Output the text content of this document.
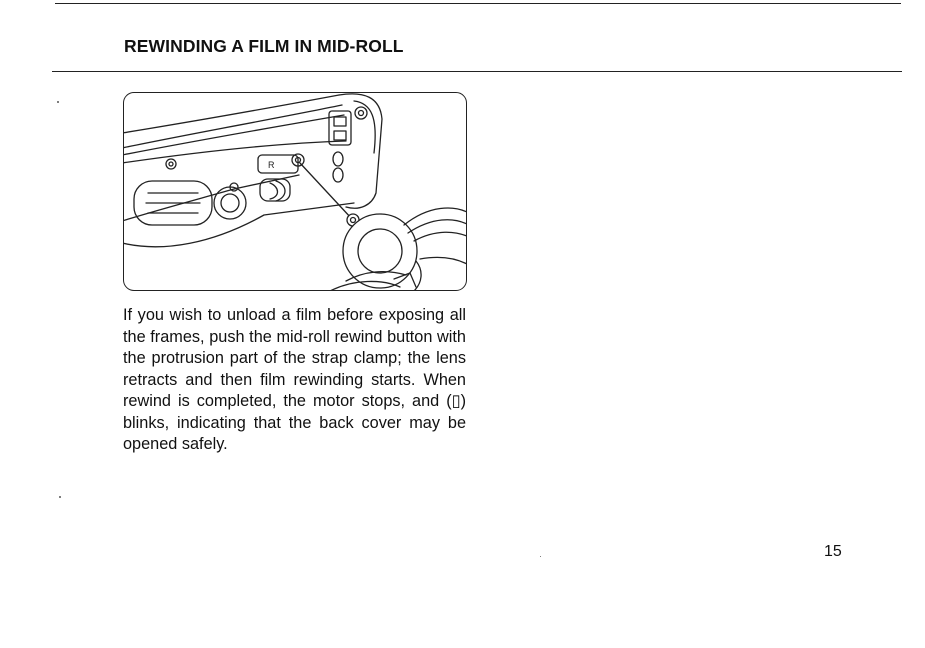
REWINDING A FILM IN MID-ROLL
R

If you wish to unload a film before exposing all the frames, push the mid-roll rewind button with the protrusion part of the strap clamp; the lens retracts and then film rewinding starts. When rewind is completed, the motor stops, and (▯) blinks, indicating that the back cover may be opened safely.

15
